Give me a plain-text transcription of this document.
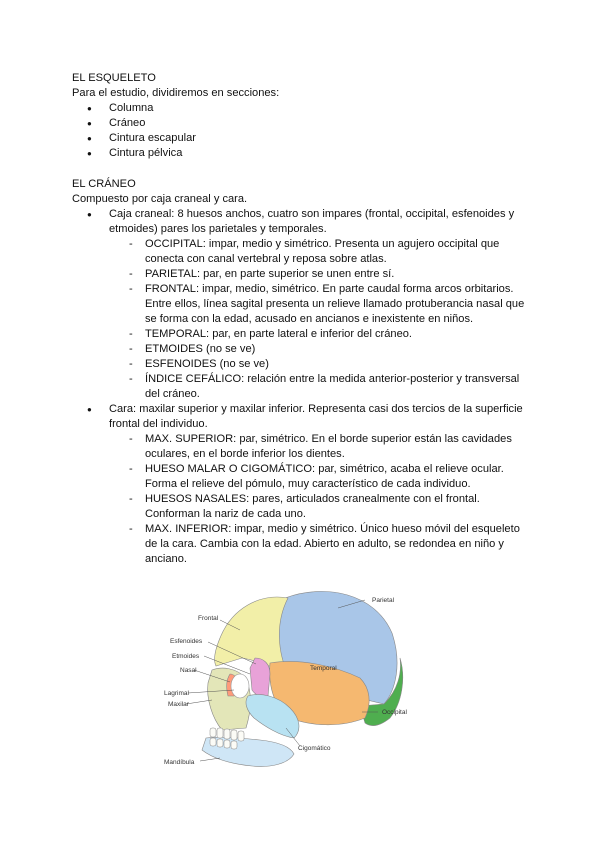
EL ESQUELETO

Para el estudio, dividiremos en secciones:

● Columna
● Cráneo
● Cintura escapular
● Cintura pélvica

EL CRÁNEO

Compuesto por caja craneal y cara.

● Caja craneal: 8 huesos anchos, cuatro son impares (frontal, occipital, esfenoides y etmoides) pares los parietales y temporales.
- OCCIPITAL: impar, medio y simétrico. Presenta un agujero occipital que conecta con canal vertebral y reposa sobre atlas.
- PARIETAL: par, en parte superior se unen entre sí.
- FRONTAL: impar, medio, simétrico. En parte caudal forma arcos orbitarios. Entre ellos, línea sagital presenta un relieve llamado protuberancia nasal que se forma con la edad, acusado en ancianos e inexistente en niños.
- TEMPORAL: par, en parte lateral e inferior del cráneo.
- ETMOIDES (no se ve)
- ESFENOIDES (no se ve)
- ÍNDICE CEFÁLICO: relación entre la medida anterior-posterior y transversal del cráneo.
● Cara: maxilar superior y maxilar inferior. Representa casi dos tercios de la superficie frontal del individuo.
- MAX. SUPERIOR: par, simétrico. En el borde superior están las cavidades oculares, en el borde inferior los dientes.
- HUESO MALAR O CIGOMÁTICO: par, simétrico, acaba el relieve ocular. Forma el relieve del pómulo, muy característico de cada individuo.
- HUESOS NASALES: pares, articulados cranealmente con el frontal. Conforman la nariz de cada uno.
- MAX. INFERIOR: impar, medio y simétrico. Único hueso móvil del esqueleto de la cara. Cambia con la edad. Abierto en adulto, se redondea en niño y anciano.
Parietal
Frontal
Esfenoides
Etmoides
Nasal	Temporal
Lagrimal
Maxilar
Occipital
Cigomático
Mandíbula
